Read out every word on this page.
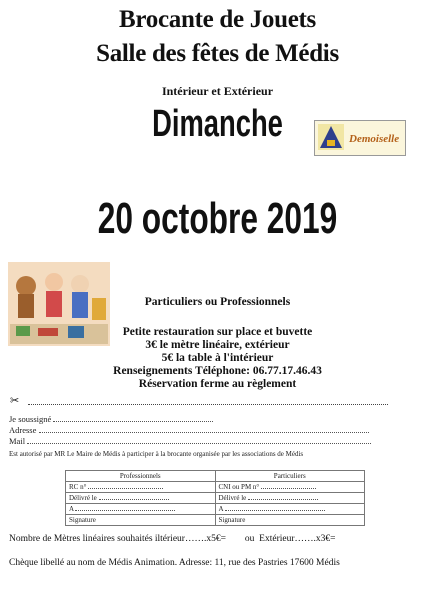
Brocante de Jouets
Salle des fêtes de Médis
Intérieur et Extérieur
Dimanche	Demoiselle
20 octobre 2019
Particuliers ou Professionnels
Petite restauration sur place et buvette
3€ le mètre linéaire, extérieur
5€ la table à l'intérieur
Renseignements Téléphone: 06.77.17.46.43
Réservation ferme au règlement
✂
Je soussigné
Adresse
Mail
Est autorisé par MR Le Maire de Médis à participer à la brocante organisée par les associations de Médis
Professionnels	Particuliers
RC n°	CNI ou PM n°
Délivré le	Délivré le
A	A
Signature	Signature
Nombre de Mètres linéaires souhaités iltérieur…….x5€=        ou  Extérieur…….x3€=
Chèque libellé au nom de Médis Animation. Adresse: 11, rue des Pastries 17600 Médis
